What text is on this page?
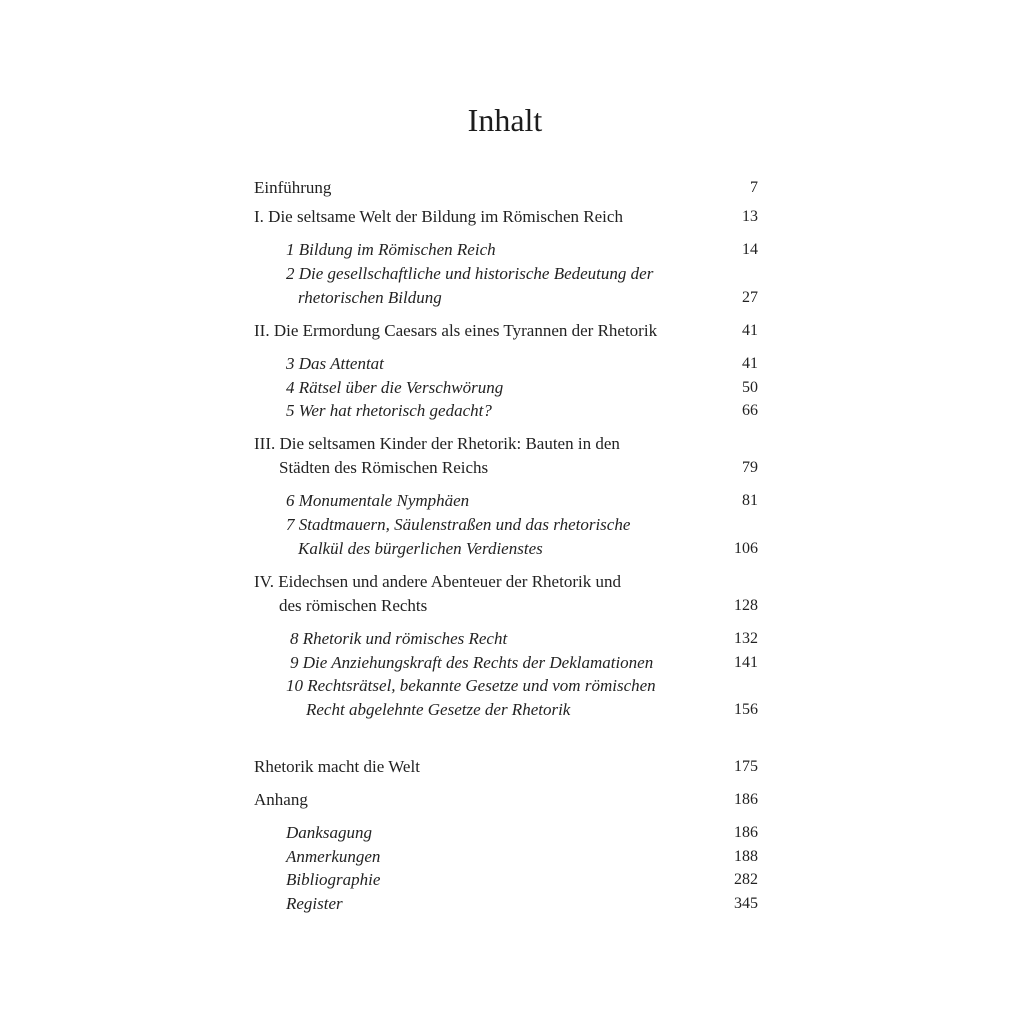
Inhalt
Einführung	7
I. Die seltsame Welt der Bildung im Römischen Reich	13
1 Bildung im Römischen Reich	14
2 Die gesellschaftliche und historische Bedeutung der
rhetorischen Bildung	27
II. Die Ermordung Caesars als eines Tyrannen der Rhetorik	41
3 Das Attentat	41
4 Rätsel über die Verschwörung	50
5 Wer hat rhetorisch gedacht?	66
III. Die seltsamen Kinder der Rhetorik: Bauten in den
Städten des Römischen Reichs	79
6 Monumentale Nymphäen	81
7 Stadtmauern, Säulenstraßen und das rhetorische
Kalkül des bürgerlichen Verdienstes	106
IV. Eidechsen und andere Abenteuer der Rhetorik und
des römischen Rechts	128
8 Rhetorik und römisches Recht	132
9 Die Anziehungskraft des Rechts der Deklamationen	141
10 Rechtsrätsel, bekannte Gesetze und vom römischen
Recht abgelehnte Gesetze der Rhetorik	156
Rhetorik macht die Welt	175
Anhang	186
Danksagung	186
Anmerkungen	188
Bibliographie	282
Register	345
